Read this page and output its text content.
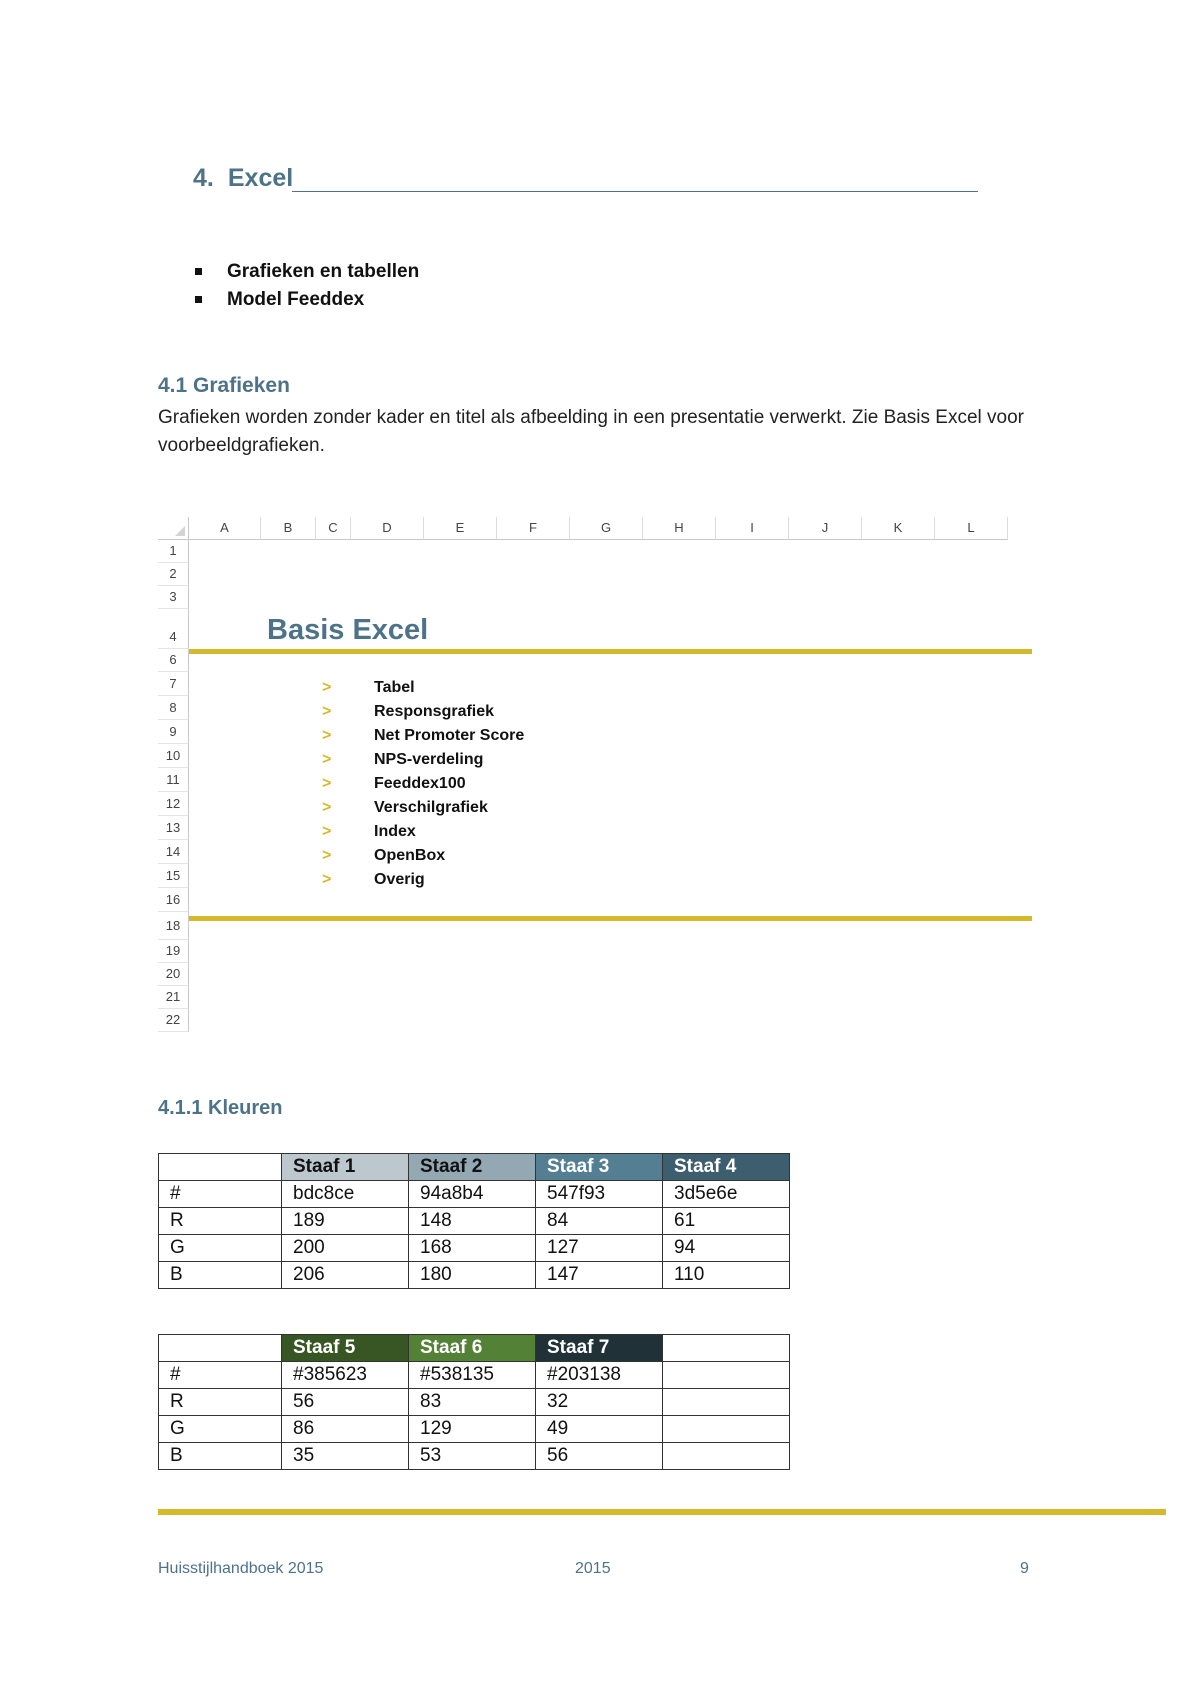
4. Excel
Grafieken en tabellen
Model Feeddex
4.1 Grafieken
Grafieken worden zonder kader en titel als afbeelding in een presentatie verwerkt. Zie Basis Excel voor voorbeeldgrafieken.
A	B	C	D	E	F	G	H	I	J	K	L
1
2
3
4
6
7
8
9
10
11
12
13
14
15
16
18
19
20
21
22
Basis Excel
>	Tabel
>	Responsgrafiek
>	Net Promoter Score
>	NPS-verdeling
>	Feeddex100
>	Verschilgrafiek
>	Index
>	OpenBox
>	Overig
4.1.1 Kleuren
	Staaf 1	Staaf 2	Staaf 3	Staaf 4
#	bdc8ce	94a8b4	547f93	3d5e6e
R	189	148	84	61
G	200	168	127	94
B	206	180	147	110
	Staaf 5	Staaf 6	Staaf 7	
#	#385623	#538135	#203138	
R	56	83	32	
G	86	129	49	
B	35	53	56	
Huisstijlhandboek 2015	2015	9
